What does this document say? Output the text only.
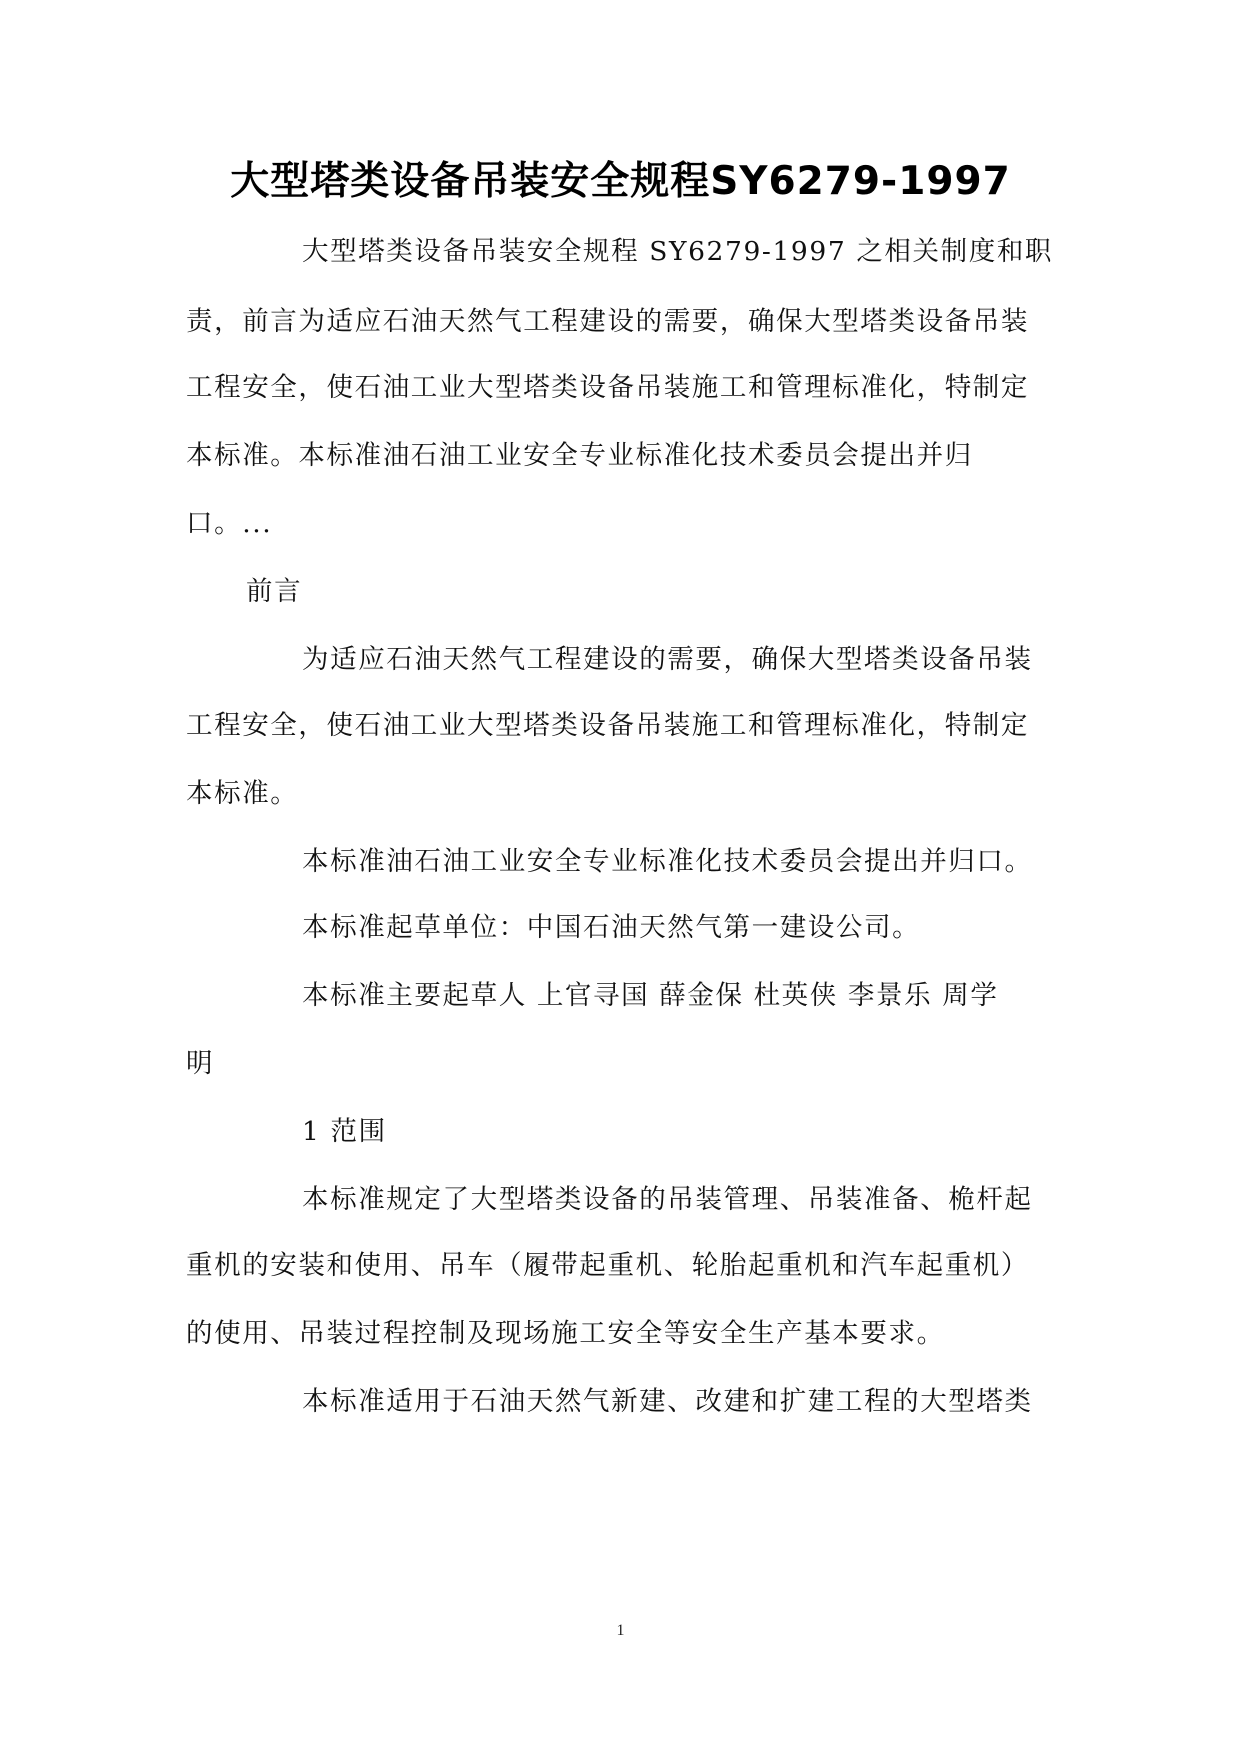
大型塔类设备吊装安全规程SY6279-1997
大型塔类设备吊装安全规程 SY6279-1997 之相关制度和职
责，前言为适应石油天然气工程建设的需要，确保大型塔类设备吊装
工程安全，使石油工业大型塔类设备吊装施工和管理标准化，特制定
本标准。本标准油石油工业安全专业标准化技术委员会提出并归
口。...
前言
为适应石油天然气工程建设的需要，确保大型塔类设备吊装
工程安全，使石油工业大型塔类设备吊装施工和管理标准化，特制定
本标准。
本标准油石油工业安全专业标准化技术委员会提出并归口。
本标准起草单位：中国石油天然气第一建设公司。
本标准主要起草人 上官寻国 薛金保 杜英侠 李景乐 周学
明
1 范围
本标准规定了大型塔类设备的吊装管理、吊装准备、桅杆起
重机的安装和使用、吊车（履带起重机、轮胎起重机和汽车起重机）
的使用、吊装过程控制及现场施工安全等安全生产基本要求。
本标准适用于石油天然气新建、改建和扩建工程的大型塔类
1
